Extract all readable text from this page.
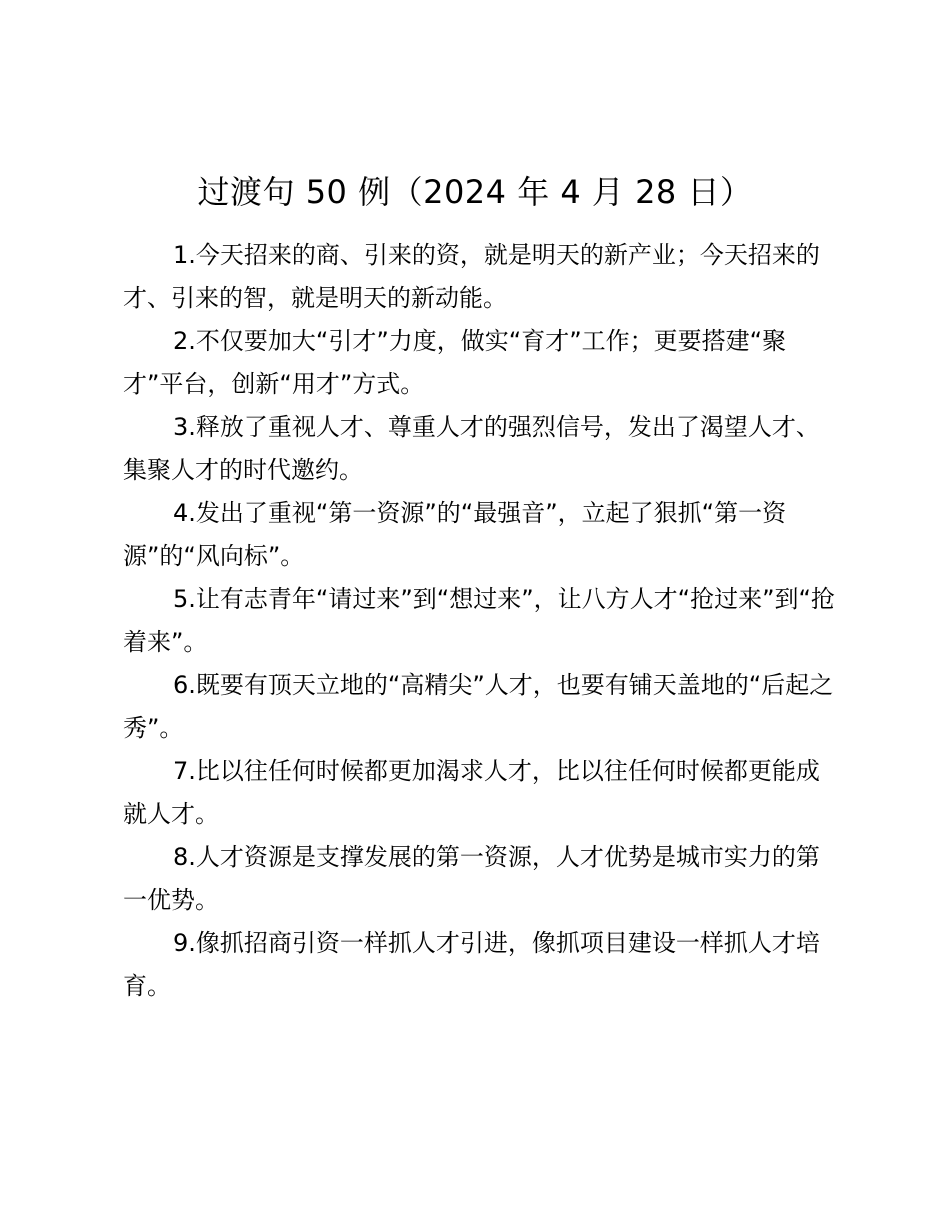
过渡句 50 例（2024 年 4 月 28 日）

1.今天招来的商、引来的资，就是明天的新产业；今天招来的才、引来的智，就是明天的新动能。

2.不仅要加大“引才”力度，做实“育才”工作；更要搭建“聚才”平台，创新“用才”方式。

3.释放了重视人才、尊重人才的强烈信号，发出了渴望人才、集聚人才的时代邀约。

4.发出了重视“第一资源”的“最强音”，立起了狠抓“第一资源”的“风向标”。

5.让有志青年“请过来”到“想过来”，让八方人才“抢过来”到“抢着来”。

6.既要有顶天立地的“高精尖”人才，也要有铺天盖地的“后起之秀”。

7.比以往任何时候都更加渴求人才，比以往任何时候都更能成就人才。

8.人才资源是支撑发展的第一资源，人才优势是城市实力的第一优势。

9.像抓招商引资一样抓人才引进，像抓项目建设一样抓人才培育。
